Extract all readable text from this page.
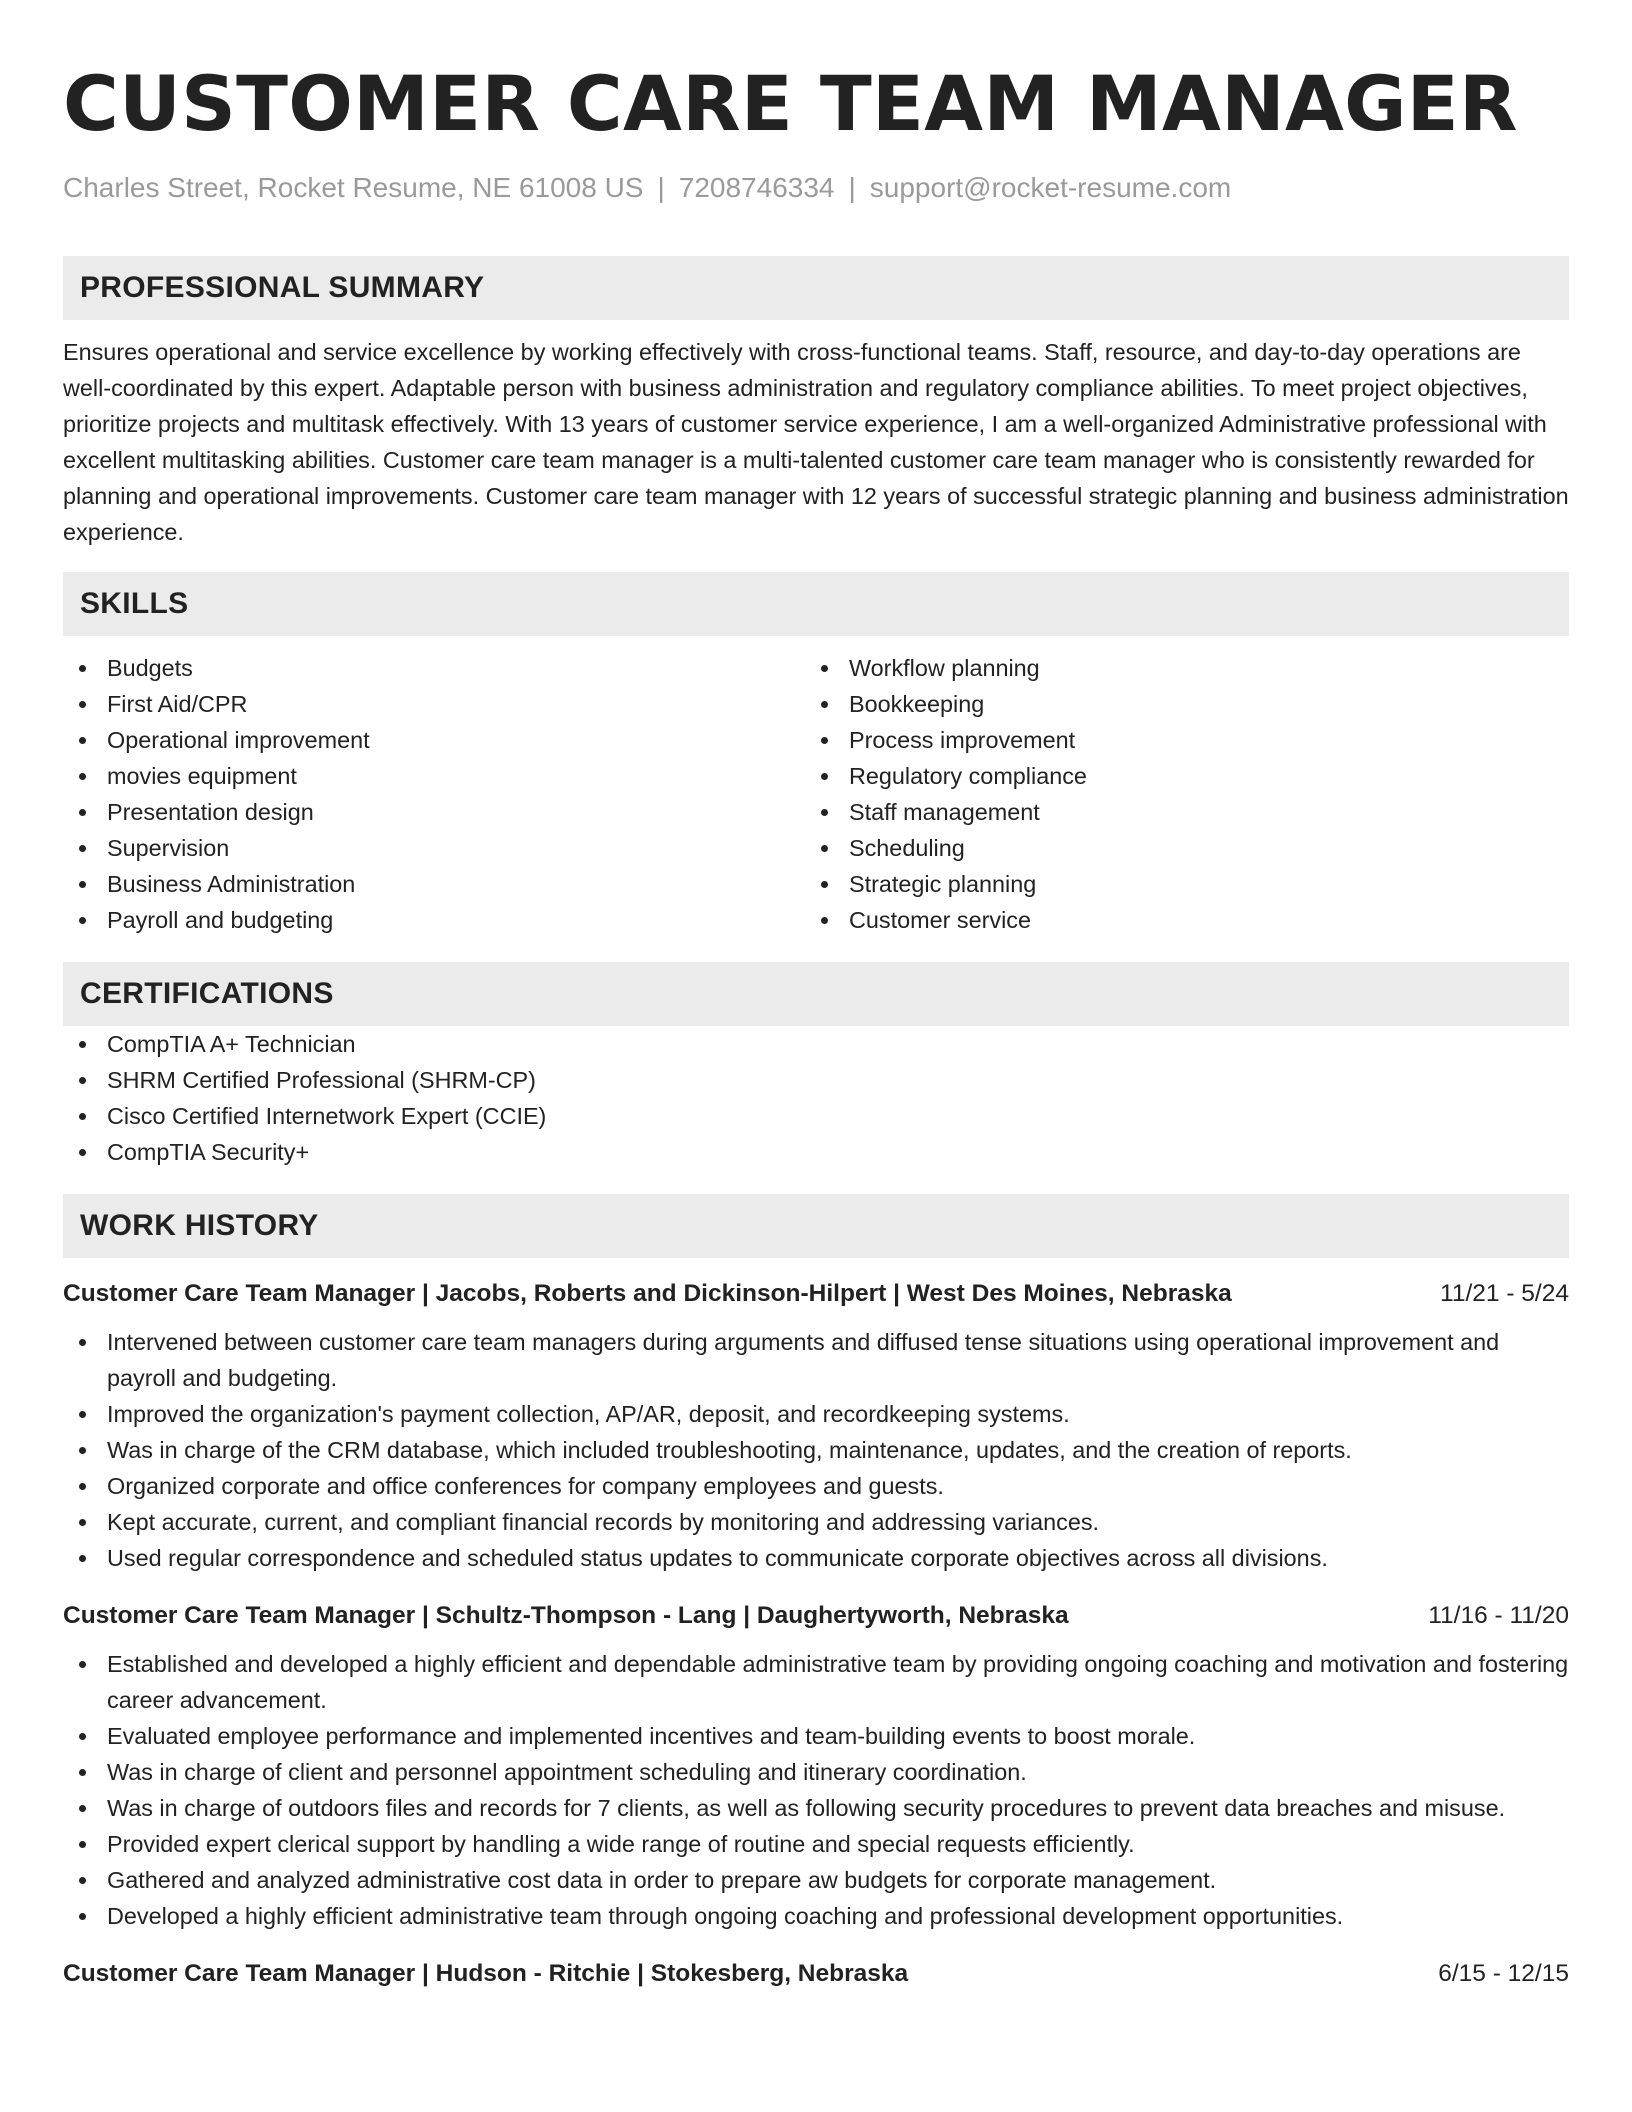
CUSTOMER CARE TEAM MANAGER
Charles Street, Rocket Resume, NE 61008 US | 7208746334 | support@rocket-resume.com
PROFESSIONAL SUMMARY

Ensures operational and service excellence by working effectively with cross-functional teams. Staff, resource, and day-to-day operations are well-coordinated by this expert. Adaptable person with business administration and regulatory compliance abilities. To meet project objectives, prioritize projects and multitask effectively. With 13 years of customer service experience, I am a well-organized Administrative professional with excellent multitasking abilities. Customer care team manager is a multi-talented customer care team manager who is consistently rewarded for planning and operational improvements. Customer care team manager with 12 years of successful strategic planning and business administration experience.

SKILLS
Budgets
First Aid/CPR
Operational improvement
movies equipment
Presentation design
Supervision
Business Administration
Payroll and budgeting
Workflow planning
Bookkeeping
Process improvement
Regulatory compliance
Staff management
Scheduling
Strategic planning
Customer service
CERTIFICATIONS
CompTIA A+ Technician
SHRM Certified Professional (SHRM-CP)
Cisco Certified Internetwork Expert (CCIE)
CompTIA Security+
WORK HISTORY
Customer Care Team Manager | Jacobs, Roberts and Dickinson-Hilpert | West Des Moines, Nebraska	11/21 - 5/24
Intervened between customer care team managers during arguments and diffused tense situations using operational improvement and payroll and budgeting.
Improved the organization's payment collection, AP/AR, deposit, and recordkeeping systems.
Was in charge of the CRM database, which included troubleshooting, maintenance, updates, and the creation of reports.
Organized corporate and office conferences for company employees and guests.
Kept accurate, current, and compliant financial records by monitoring and addressing variances.
Used regular correspondence and scheduled status updates to communicate corporate objectives across all divisions.
Customer Care Team Manager | Schultz-Thompson - Lang | Daughertyworth, Nebraska	11/16 - 11/20
Established and developed a highly efficient and dependable administrative team by providing ongoing coaching and motivation and fostering career advancement.
Evaluated employee performance and implemented incentives and team-building events to boost morale.
Was in charge of client and personnel appointment scheduling and itinerary coordination.
Was in charge of outdoors files and records for 7 clients, as well as following security procedures to prevent data breaches and misuse.
Provided expert clerical support by handling a wide range of routine and special requests efficiently.
Gathered and analyzed administrative cost data in order to prepare aw budgets for corporate management.
Developed a highly efficient administrative team through ongoing coaching and professional development opportunities.
Customer Care Team Manager | Hudson - Ritchie | Stokesberg, Nebraska	6/15 - 12/15
